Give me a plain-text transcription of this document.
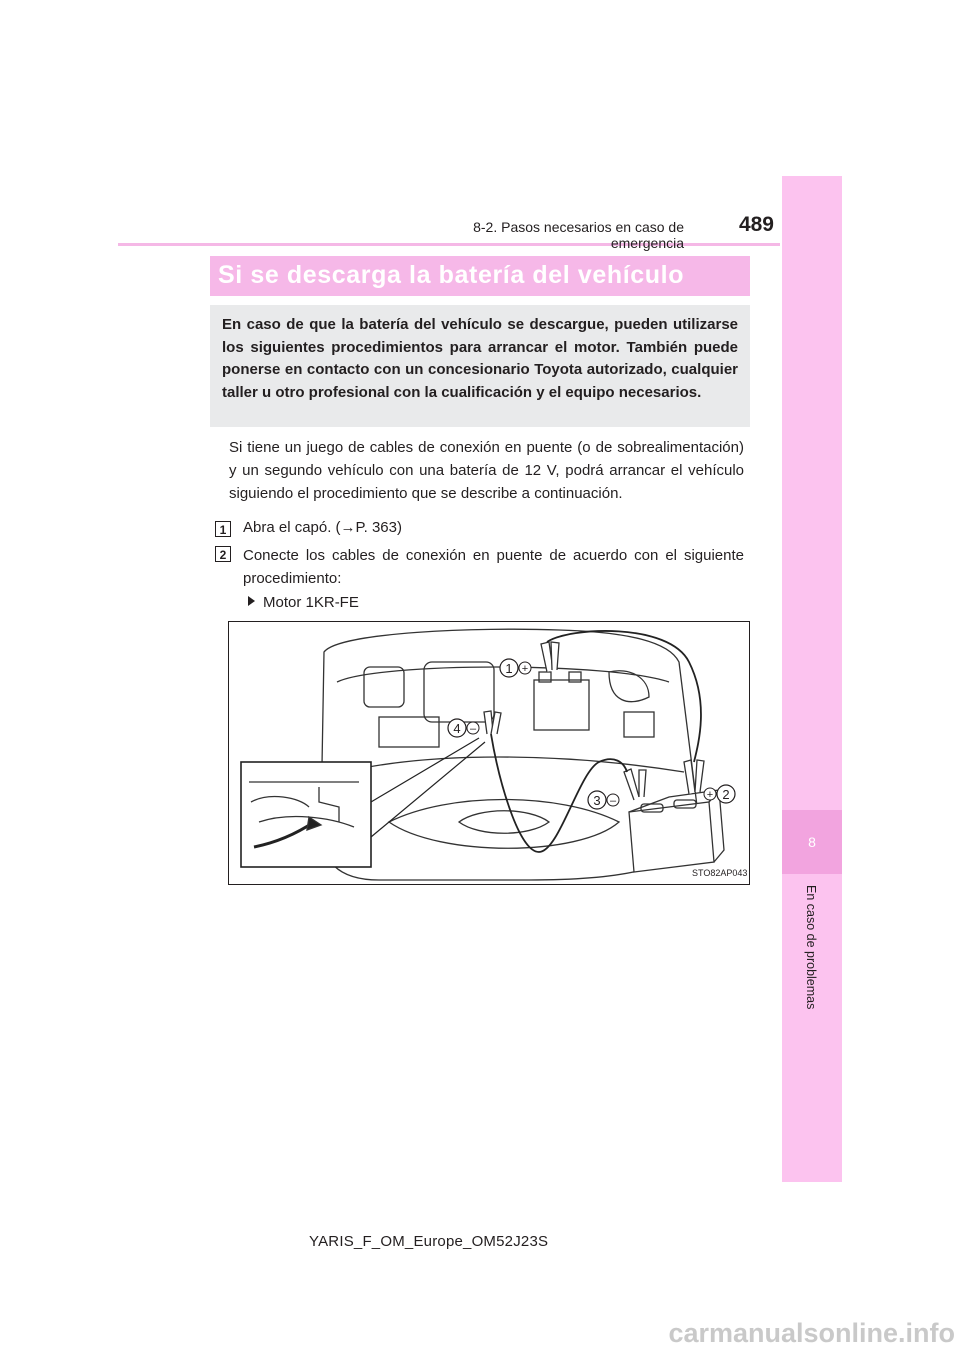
8-2. Pasos necesarios en caso de emergencia
489
8
En caso de problemas
Si se descarga la batería del vehículo
En caso de que la batería del vehículo se descargue, pueden utilizarse los siguientes procedimientos para arrancar el motor. También puede ponerse en contacto con un concesionario Toyota autorizado, cualquier taller u otro profesional con la cualificación y el equipo necesarios.
Si tiene un juego de cables de conexión en puente (o de sobrealimentación) y un segundo vehículo con una batería de 12 V, podrá arrancar el vehículo siguiendo el procedimiento que se describe a continuación.
1	Abra el capó. (→P. 363)
2	Conecte los cables de conexión en puente de acuerdo con el siguiente procedimiento:
Motor 1KR-FE
1 +
2
+
3 –
4 –
STO82AP043
YARIS_F_OM_Europe_OM52J23S
carmanualsonline.info
